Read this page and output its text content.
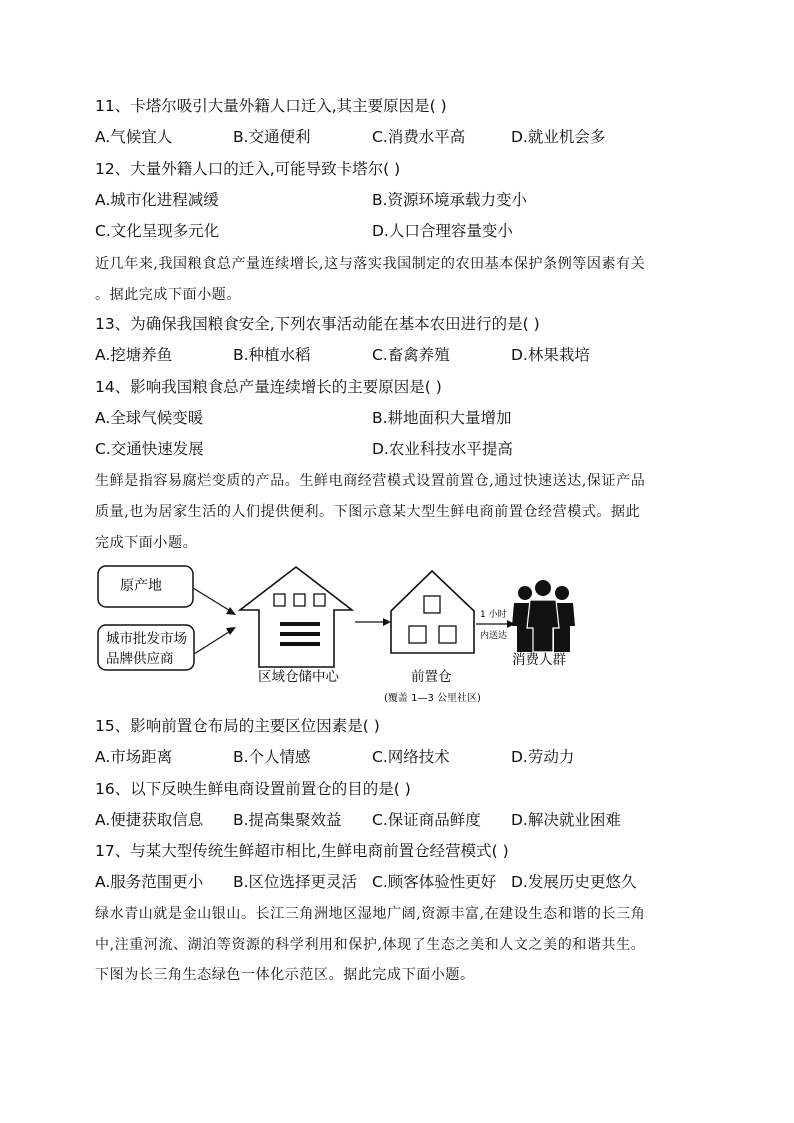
11、卡塔尔吸引大量外籍人口迁入,其主要原因是( )
A.气候宜人	B.交通便利	C.消费水平高	D.就业机会多
12、大量外籍人口的迁入,可能导致卡塔尔( )
A.城市化进程减缓	B.资源环境承载力变小
C.文化呈现多元化	D.人口合理容量变小
近几年来,我国粮食总产量连续增长,这与落实我国制定的农田基本保护条例等因素有关
。据此完成下面小题。
13、为确保我国粮食安全,下列农事活动能在基本农田进行的是( )
A.挖塘养鱼	B.种植水稻	C.畜禽养殖	D.林果栽培
14、影响我国粮食总产量连续增长的主要原因是( )
A.全球气候变暖	B.耕地面积大量增加
C.交通快速发展	D.农业科技水平提高
生鲜是指容易腐烂变质的产品。生鲜电商经营模式设置前置仓,通过快速送达,保证产品
质量,也为居家生活的人们提供便利。下图示意某大型生鲜电商前置仓经营模式。据此
完成下面小题。
原产地
城市批发市场
品牌供应商
区域仓储中心	前置仓
1 小时
内送达
消费人群
(覆盖 1—3 公里社区)
15、影响前置仓布局的主要区位因素是( )
A.市场距离	B.个人情感	C.网络技术	D.劳动力
16、以下反映生鲜电商设置前置仓的目的是( )
A.便捷获取信息 B.提高集聚效益 C.保证商品鲜度 D.解决就业困难
17、与某大型传统生鲜超市相比,生鲜电商前置仓经营模式( )
A.服务范围更小 B.区位选择更灵活 C.顾客体验性更好 D.发展历史更悠久
绿水青山就是金山银山。长江三角洲地区湿地广阔,资源丰富,在建设生态和谐的长三角
中,注重河流、湖泊等资源的科学利用和保护,体现了生态之美和人文之美的和谐共生。
下图为长三角生态绿色一体化示范区。据此完成下面小题。
